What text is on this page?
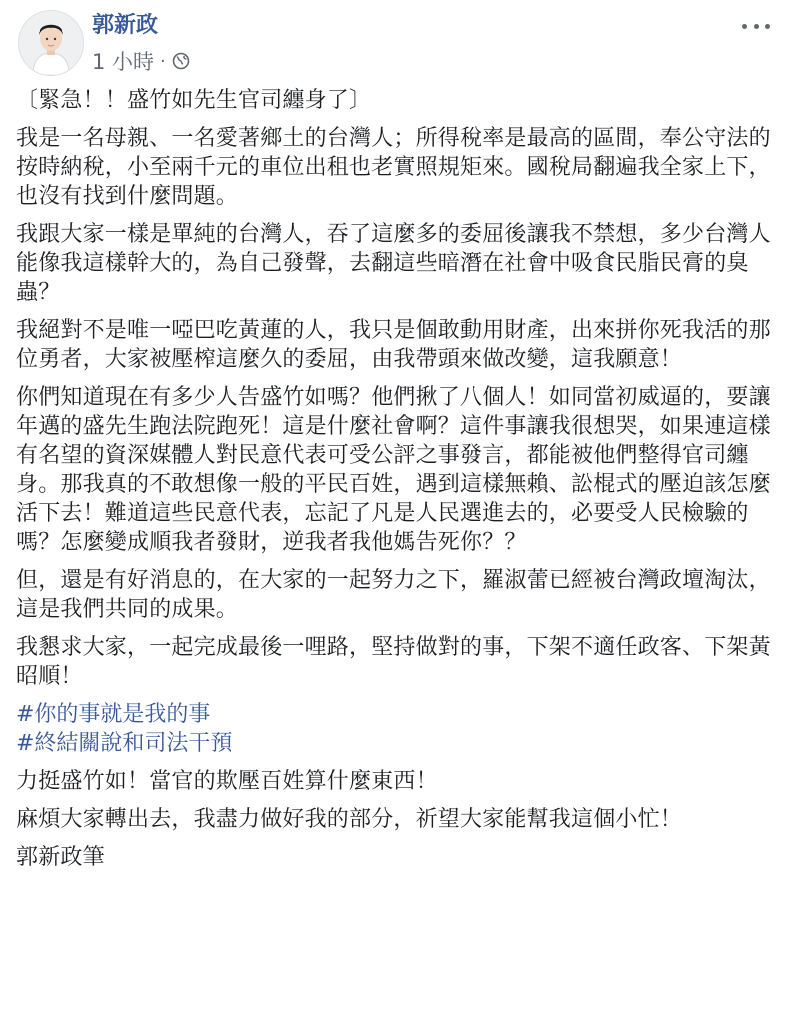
郭新政
1 小時 ·

〔緊急！！盛竹如先生官司纏身了〕

我是一名母親、一名愛著鄉土的台灣人；所得稅率是最高的區間，奉公守法的按時納稅，小至兩千元的車位出租也老實照規矩來。國稅局翻遍我全家上下，也沒有找到什麼問題。

我跟大家一樣是單純的台灣人，吞了這麼多的委屈後讓我不禁想，多少台灣人能像我這樣幹大的，為自己發聲，去翻這些暗潛在社會中吸食民脂民膏的臭蟲？

我絕對不是唯一啞巴吃黃蓮的人，我只是個敢動用財產，出來拼你死我活的那位勇者，大家被壓榨這麼久的委屈，由我帶頭來做改變，這我願意！

你們知道現在有多少人告盛竹如嗎？他們揪了八個人！如同當初威逼的，要讓年邁的盛先生跑法院跑死！這是什麼社會啊？這件事讓我很想哭，如果連這樣有名望的資深媒體人對民意代表可受公評之事發言，都能被他們整得官司纏身。那我真的不敢想像一般的平民百姓，遇到這樣無賴、訟棍式的壓迫該怎麼活下去！難道這些民意代表，忘記了凡是人民選進去的，必要受人民檢驗的嗎？怎麼變成順我者發財，逆我者我他媽告死你？？

但，還是有好消息的，在大家的一起努力之下，羅淑蕾已經被台灣政壇淘汰，這是我們共同的成果。

我懇求大家，一起完成最後一哩路，堅持做對的事，下架不適任政客、下架黃昭順！

#你的事就是我的事
#終結關說和司法干預

力挺盛竹如！當官的欺壓百姓算什麼東西！

麻煩大家轉出去，我盡力做好我的部分，祈望大家能幫我這個小忙！

郭新政筆
